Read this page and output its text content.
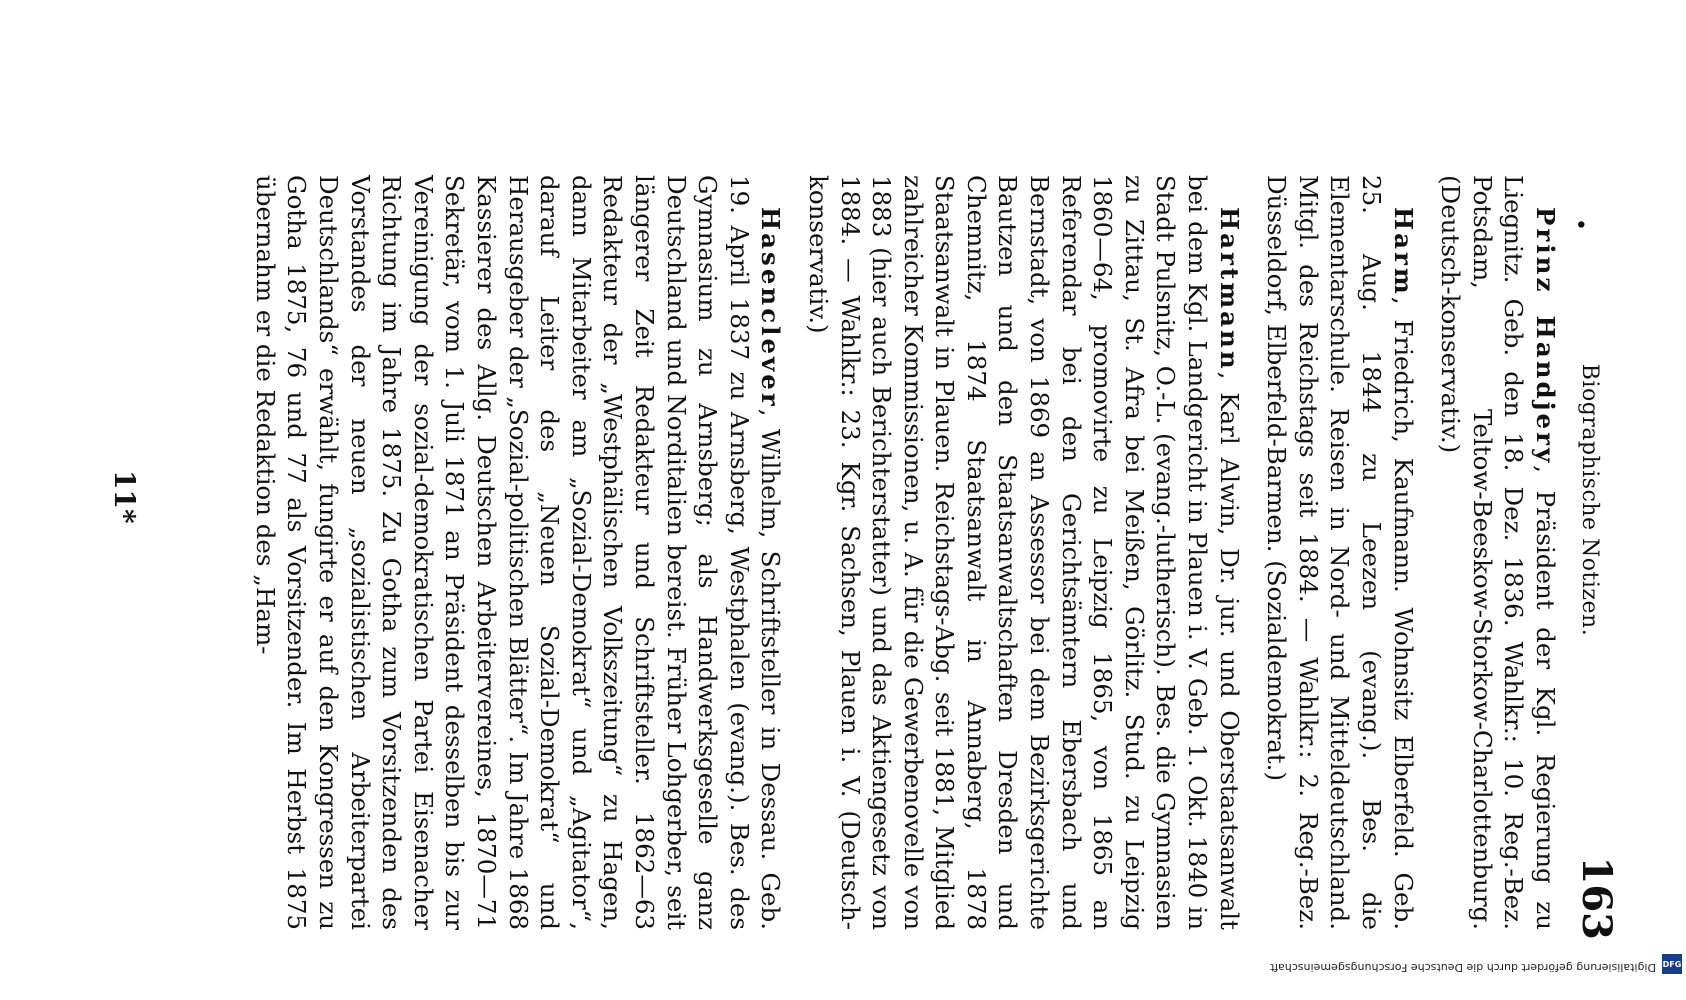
•
Biographische Notizen.
163

Prinz Handjery, Präsident der Kgl. Regierung zu Liegnitz. Geb. den 18. Dez. 1836. Wahlkr.: 10. Reg.-Bez. Potsdam, Teltow-Beeskow-Storkow-Charlottenburg. (Deutsch-konservativ.)

Harm, Friedrich, Kaufmann. Wohnsitz Elberfeld. Geb. 25. Aug. 1844 zu Leezen (evang.). Bes. die Elementarschule. Reisen in Nord- und Mitteldeutschland. Mitgl. des Reichstags seit 1884. — Wahlkr.: 2. Reg.-Bez. Düsseldorf, Elberfeld-Barmen. (Sozialdemokrat.)

Hartmann, Karl Alwin, Dr. jur. und Oberstaatsanwalt bei dem Kgl. Landgericht in Plauen i. V. Geb. 1. Okt. 1840 in Stadt Pulsnitz, O.-L. (evang.-lutherisch). Bes. die Gymnasien zu Zittau, St. Afra bei Meißen, Görlitz. Stud. zu Leipzig 1860—64, promovirte zu Leipzig 1865, von 1865 an Referendar bei den Gerichtsämtern Ebersbach und Bernstadt, von 1869 an Assessor bei dem Bezirksgerichte Bautzen und den Staatsanwaltschaften Dresden und Chemnitz, 1874 Staatsanwalt in Annaberg, 1878 Staatsanwalt in Plauen. Reichstags-Abg. seit 1881, Mitglied zahlreicher Kommissionen, u. A. für die Gewerbenovelle von 1883 (hier auch Berichterstatter) und das Aktiengesetz von 1884. — Wahlkr.: 23. Kgr. Sachsen, Plauen i. V. (Deutsch-konservativ.)

Hasenclever, Wilhelm, Schriftsteller in Dessau. Geb. 19. April 1837 zu Arnsberg, Westphalen (evang.). Bes. des Gymnasium zu Arnsberg; als Handwerksgeselle ganz Deutschland und Norditalien bereist. Früher Lohgerber, seit längerer Zeit Redakteur und Schriftsteller. 1862—63 Redakteur der „Westphälischen Volkszeitung“ zu Hagen, dann Mitarbeiter am „Sozial-Demokrat“ und „Agitator“, darauf Leiter des „Neuen Sozial-Demokrat“ und Herausgeber der „Sozial-politischen Blätter“. Im Jahre 1868 Kassierer des Allg. Deutschen Arbeitervereines, 1870—71 Sekretär, vom 1. Juli 1871 an Präsident desselben bis zur Vereinigung der sozial-demokratischen Partei Eisenacher Richtung im Jahre 1875. Zu Gotha zum Vorsitzenden des Vorstandes der neuen „sozialistischen Arbeiterpartei Deutschlands“ erwählt, fungirte er auf den Kongressen zu Gotha 1875, 76 und 77 als Vorsitzender. Im Herbst 1875 übernahm er die Redaktion des „Ham-

11*
DFG
Digitalisierung gefördert durch die Deutsche Forschungsgemeinschaft
